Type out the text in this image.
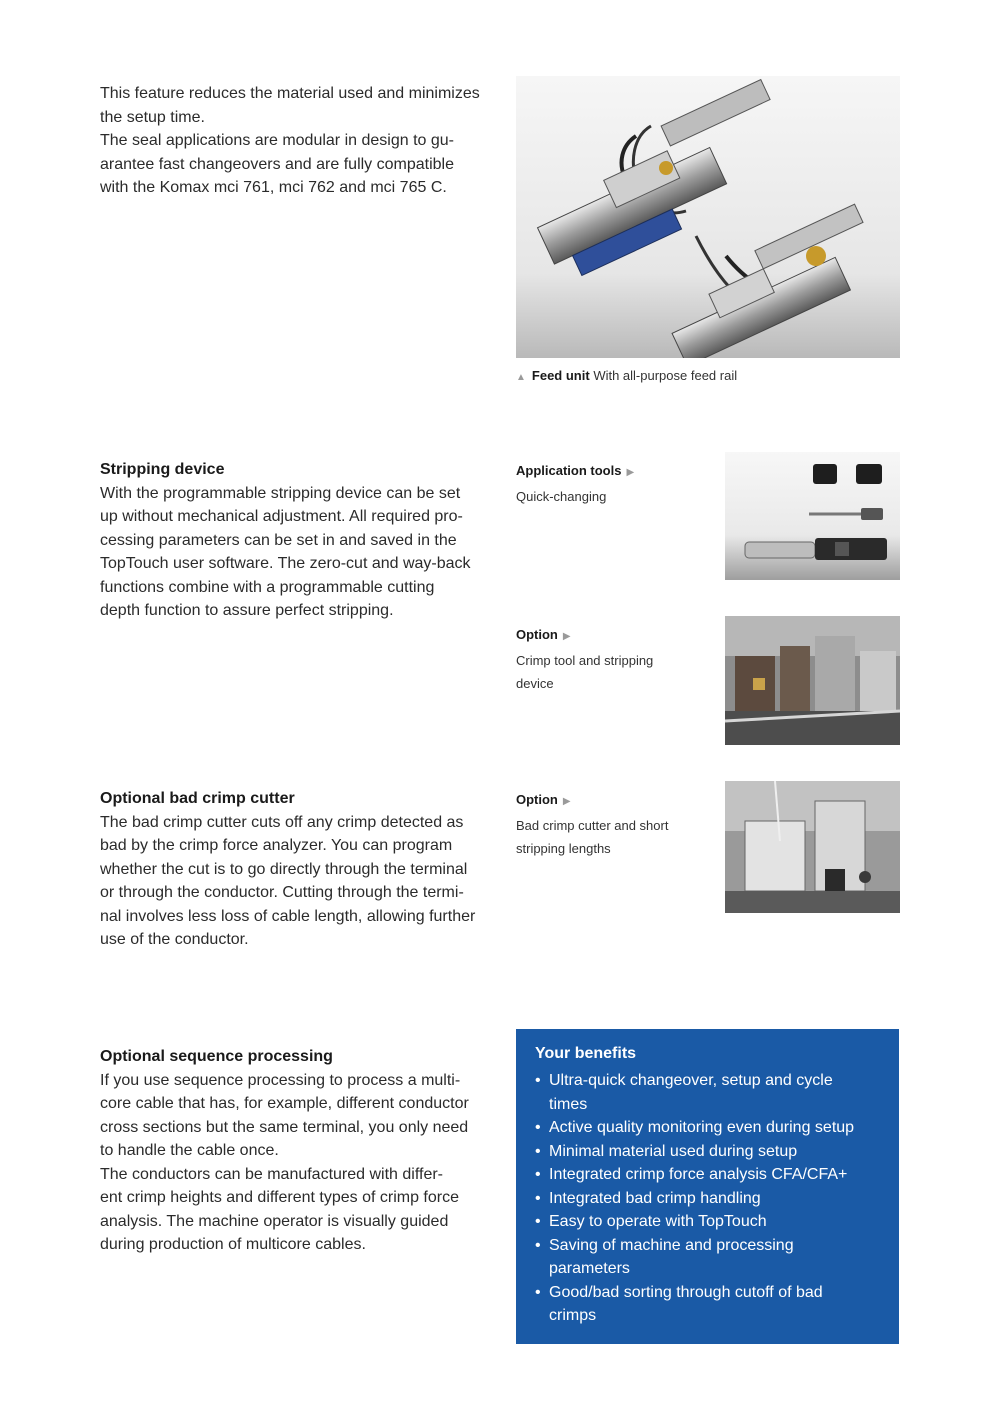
This feature reduces the material used and minimizes
the setup time.
The seal applications are modular in design to gu-
arantee fast changeovers and are fully compatible
with the Komax mci 761, mci 762 and mci 765 C.
▲ Feed unit With all-purpose feed rail
Stripping device
With the programmable stripping device can be set
up without mechanical adjustment. All required pro-
cessing parameters can be set in and saved in the
TopTouch user software. The zero-cut and way-back
functions combine with a programmable cutting
depth function to assure perfect stripping.
Application tools ▶
Quick-changing
Option ▶
Crimp tool and stripping
device
Optional bad crimp cutter
The bad crimp cutter cuts off any crimp detected as
bad by the crimp force analyzer. You can program
whether the cut is to go directly through the terminal
or through the conductor. Cutting through the termi-
nal involves less loss of cable length, allowing further
use of the conductor.
Option ▶
Bad crimp cutter and short
stripping lengths
Optional sequence processing
If you use sequence processing to process a multi-
core cable that has, for example, different conductor
cross sections but the same terminal, you only need
to handle the cable once.
The conductors can be manufactured with differ-
ent crimp heights and different types of crimp force
analysis. The machine operator is visually guided
during production of multicore cables.
Your benefits
• Ultra-quick changeover, setup and cycle
times
• Active quality monitoring even during setup
• Minimal material used during setup
• Integrated crimp force analysis CFA/CFA+
• Integrated bad crimp handling
• Easy to operate with TopTouch
• Saving of machine and processing
parameters
• Good/bad sorting through cutoff of bad
crimps
